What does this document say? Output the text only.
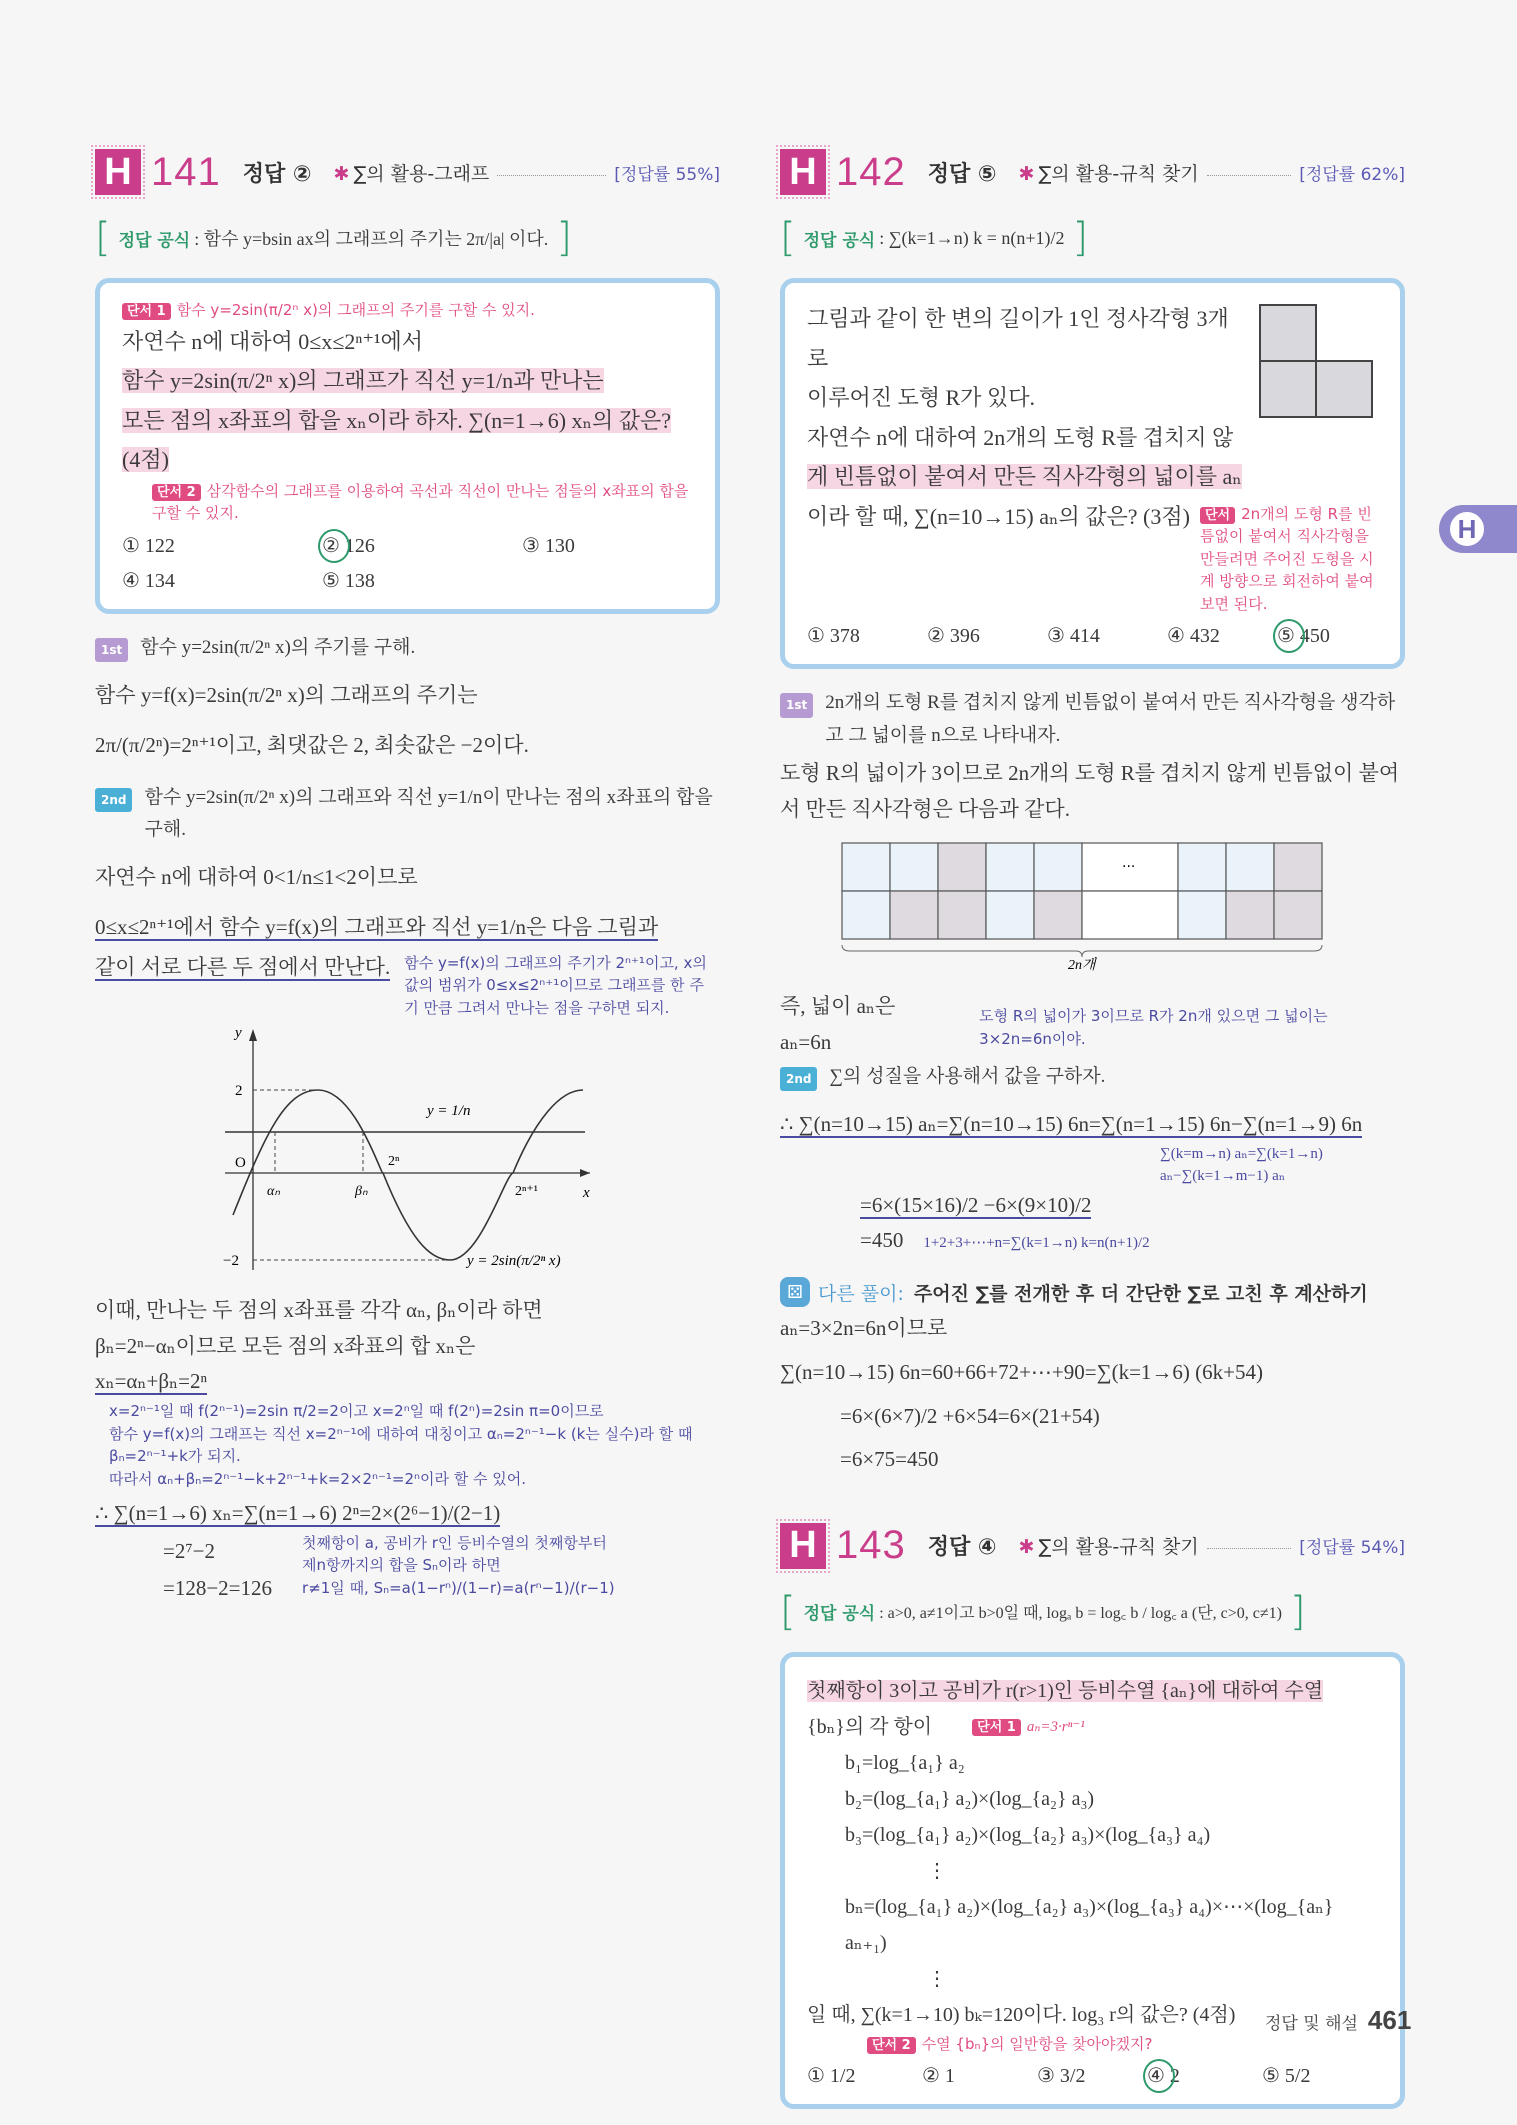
H
H 141 정답 ② ✱ ∑의 활용-그래프	[정답률 55%]
[ 정답 공식 : 함수 y=bsin ax의 그래프의 주기는 2π/|a| 이다. ]
단서 1 함수 y=2sin(π/2ⁿ x)의 그래프의 주기를 구할 수 있지.
자연수 n에 대하여 0≤x≤2ⁿ⁺¹에서
함수 y=2sin(π/2ⁿ x)의 그래프가 직선 y=1/n과 만나는
모든 점의 x좌표의 합을 xₙ이라 하자. ∑(n=1→6) xₙ의 값은? (4점)
단서 2 삼각함수의 그래프를 이용하여 곡선과 직선이 만나는 점들의 x좌표의 합을 구할 수 있지.
① 122	② 126	③ 130
④ 134	⑤ 138
1st 함수 y=2sin(π/2ⁿ x)의 주기를 구해.
함수 y=f(x)=2sin(π/2ⁿ x)의 그래프의 주기는
2π/(π/2ⁿ)=2ⁿ⁺¹이고, 최댓값은 2, 최솟값은 −2이다.
2nd 함수 y=2sin(π/2ⁿ x)의 그래프와 직선 y=1/n이 만나는 점의 x좌표의 합을 구해.
자연수 n에 대하여 0<1/n≤1<2이므로
0≤x≤2ⁿ⁺¹에서 함수 y=f(x)의 그래프와 직선 y=1/n은 다음 그림과
같이 서로 다른 두 점에서 만난다. 함수 y=f(x)의 그래프의 주기가 2ⁿ⁺¹이고, x의 값의 범위가 0≤x≤2ⁿ⁺¹이므로 그래프를 한 주기 만큼 그려서 만나는 점을 구하면 되지.
y
x
O
2
−2
αₙ	βₙ
2ⁿ
2ⁿ⁺¹
y = 1/n
y = 2sin(π/2ⁿ x)
이때, 만나는 두 점의 x좌표를 각각 αₙ, βₙ이라 하면
βₙ=2ⁿ−αₙ이므로 모든 점의 x좌표의 합 xₙ은
xₙ=αₙ+βₙ=2ⁿ
x=2ⁿ⁻¹일 때 f(2ⁿ⁻¹)=2sin π/2=2이고 x=2ⁿ일 때 f(2ⁿ)=2sin π=0이므로
함수 y=f(x)의 그래프는 직선 x=2ⁿ⁻¹에 대하여 대칭이고 αₙ=2ⁿ⁻¹−k (k는 실수)라 할 때
βₙ=2ⁿ⁻¹+k가 되지.
따라서 αₙ+βₙ=2ⁿ⁻¹−k+2ⁿ⁻¹+k=2×2ⁿ⁻¹=2ⁿ이라 할 수 있어.
∴ ∑(n=1→6) xₙ=∑(n=1→6) 2ⁿ=2×(2⁶−1)/(2−1)
=2⁷−2
=128−2=126
첫째항이 a, 공비가 r인 등비수열의 첫째항부터
제n항까지의 합을 Sₙ이라 하면
r≠1일 때, Sₙ=a(1−rⁿ)/(1−r)=a(rⁿ−1)/(r−1)
H 142 정답 ⑤ ✱ ∑의 활용-규칙 찾기	[정답률 62%]
[ 정답 공식 : ∑(k=1→n) k = n(n+1)/2 ]
그림과 같이 한 변의 길이가 1인 정사각형 3개로
이루어진 도형 R가 있다.
자연수 n에 대하여 2n개의 도형 R를 겹치지 않
게 빈틈없이 붙여서 만든 직사각형의 넓이를 aₙ
이라 할 때, ∑(n=10→15) aₙ의 값은? (3점)	단서 2n개의 도형 R를 빈틈없이 붙여서 직사각형을 만들려면 주어진 도형을 시계 방향으로 회전하여 붙여보면 된다.
① 378	② 396	③ 414	④ 432	⑤ 450
1st 2n개의 도형 R를 겹치지 않게 빈틈없이 붙여서 만든 직사각형을 생각하고 그 넓이를 n으로 나타내자.
도형 R의 넓이가 3이므로 2n개의 도형 R를 겹치지 않게 빈틈없이 붙여
서 만든 직사각형은 다음과 같다.
···
2n개
즉, 넓이 aₙ은 aₙ=6n
도형 R의 넓이가 3이므로 R가 2n개 있으면 그 넓이는 3×2n=6n이야.
2nd ∑의 성질을 사용해서 값을 구하자.
∴ ∑(n=10→15) aₙ=∑(n=10→15) 6n=∑(n=1→15) 6n−∑(n=1→9) 6n
∑(k=m→n) aₙ=∑(k=1→n) aₙ−∑(k=1→m−1) aₙ
=6×(15×16)/2 −6×(9×10)/2
=450 1+2+3+⋯+n=∑(k=1→n) k=n(n+1)/2
⚄ 다른 풀이: 주어진 ∑를 전개한 후 더 간단한 ∑로 고친 후 계산하기
aₙ=3×2n=6n이므로
∑(n=10→15) 6n=60+66+72+⋯+90=∑(k=1→6) (6k+54)
=6×(6×7)/2 +6×54=6×(21+54)
=6×75=450
H 143 정답 ④ ✱ ∑의 활용-규칙 찾기	[정답률 54%]
[ 정답 공식 : a>0, a≠1이고 b>0일 때, logₐ b = log꜀ b / log꜀ a (단, c>0, c≠1) ]
첫째항이 3이고 공비가 r(r>1)인 등비수열 {aₙ}에 대하여 수열
{bₙ}의 각 항이	단서 1 aₙ=3·rⁿ⁻¹
b₁=log_{a₁} a₂
b₂=(log_{a₁} a₂)×(log_{a₂} a₃)
b₃=(log_{a₁} a₂)×(log_{a₂} a₃)×(log_{a₃} a₄)
⋮
bₙ=(log_{a₁} a₂)×(log_{a₂} a₃)×(log_{a₃} a₄)×⋯×(log_{aₙ} aₙ₊₁)
⋮
일 때, ∑(k=1→10) bₖ=120이다. log₃ r의 값은? (4점)
단서 2 수열 {bₙ}의 일반항을 찾아야겠지?
① 1/2	② 1	③ 3/2	④ 2	⑤ 5/2
정답 및 해설 461
